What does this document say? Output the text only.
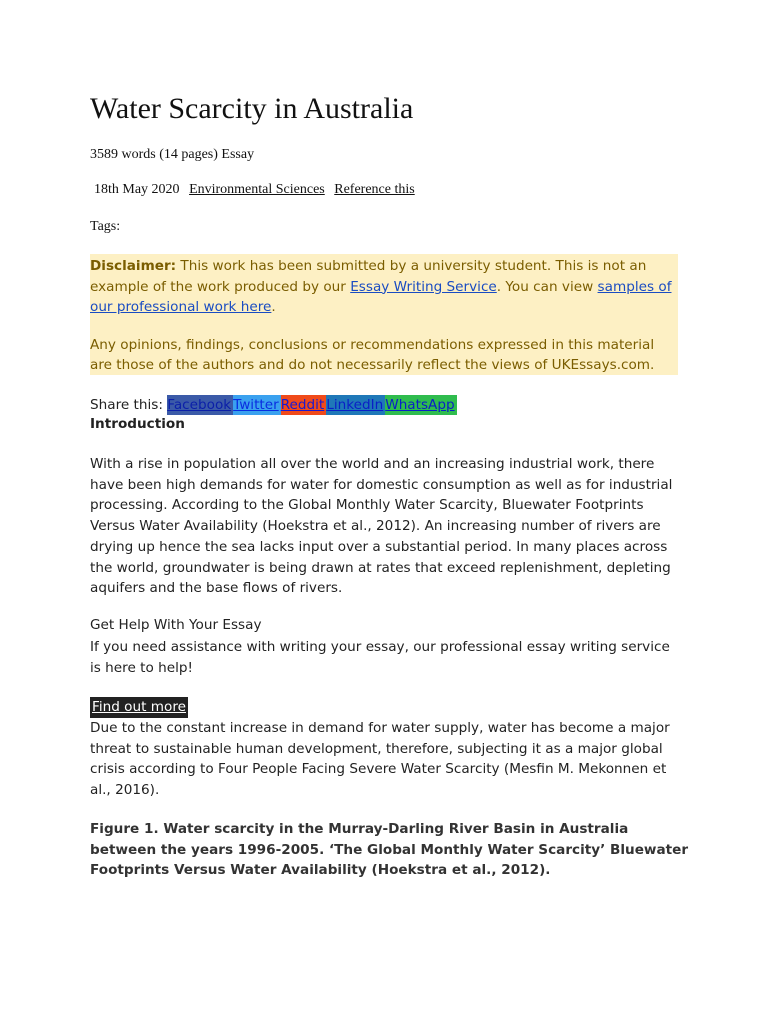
Water Scarcity in Australia
3589 words (14 pages) Essay
18th May 2020 Environmental Sciences Reference this
Tags:

Disclaimer: This work has been submitted by a university student. This is not an example of the work produced by our Essay Writing Service. You can view samples of our professional work here.

Any opinions, findings, conclusions or recommendations expressed in this material are those of the authors and do not necessarily reflect the views of UKEssays.com.

Share this: Facebook Twitter Reddit LinkedIn WhatsApp
Introduction
With a rise in population all over the world and an increasing industrial work, there have been high demands for water for domestic consumption as well as for industrial processing. According to the Global Monthly Water Scarcity, Bluewater Footprints Versus Water Availability (Hoekstra et al., 2012). An increasing number of rivers are drying up hence the sea lacks input over a substantial period. In many places across the world, groundwater is being drawn at rates that exceed replenishment, depleting aquifers and the base flows of rivers.
Get Help With Your Essay
If you need assistance with writing your essay, our professional essay writing service is here to help!
Find out more
Due to the constant increase in demand for water supply, water has become a major threat to sustainable human development, therefore, subjecting it as a major global crisis according to Four People Facing Severe Water Scarcity (Mesfin M. Mekonnen et al., 2016).
Figure 1. Water scarcity in the Murray-Darling River Basin in Australia between the years 1996-2005. ‘The Global Monthly Water Scarcity’ Bluewater Footprints Versus Water Availability (Hoekstra et al., 2012).
